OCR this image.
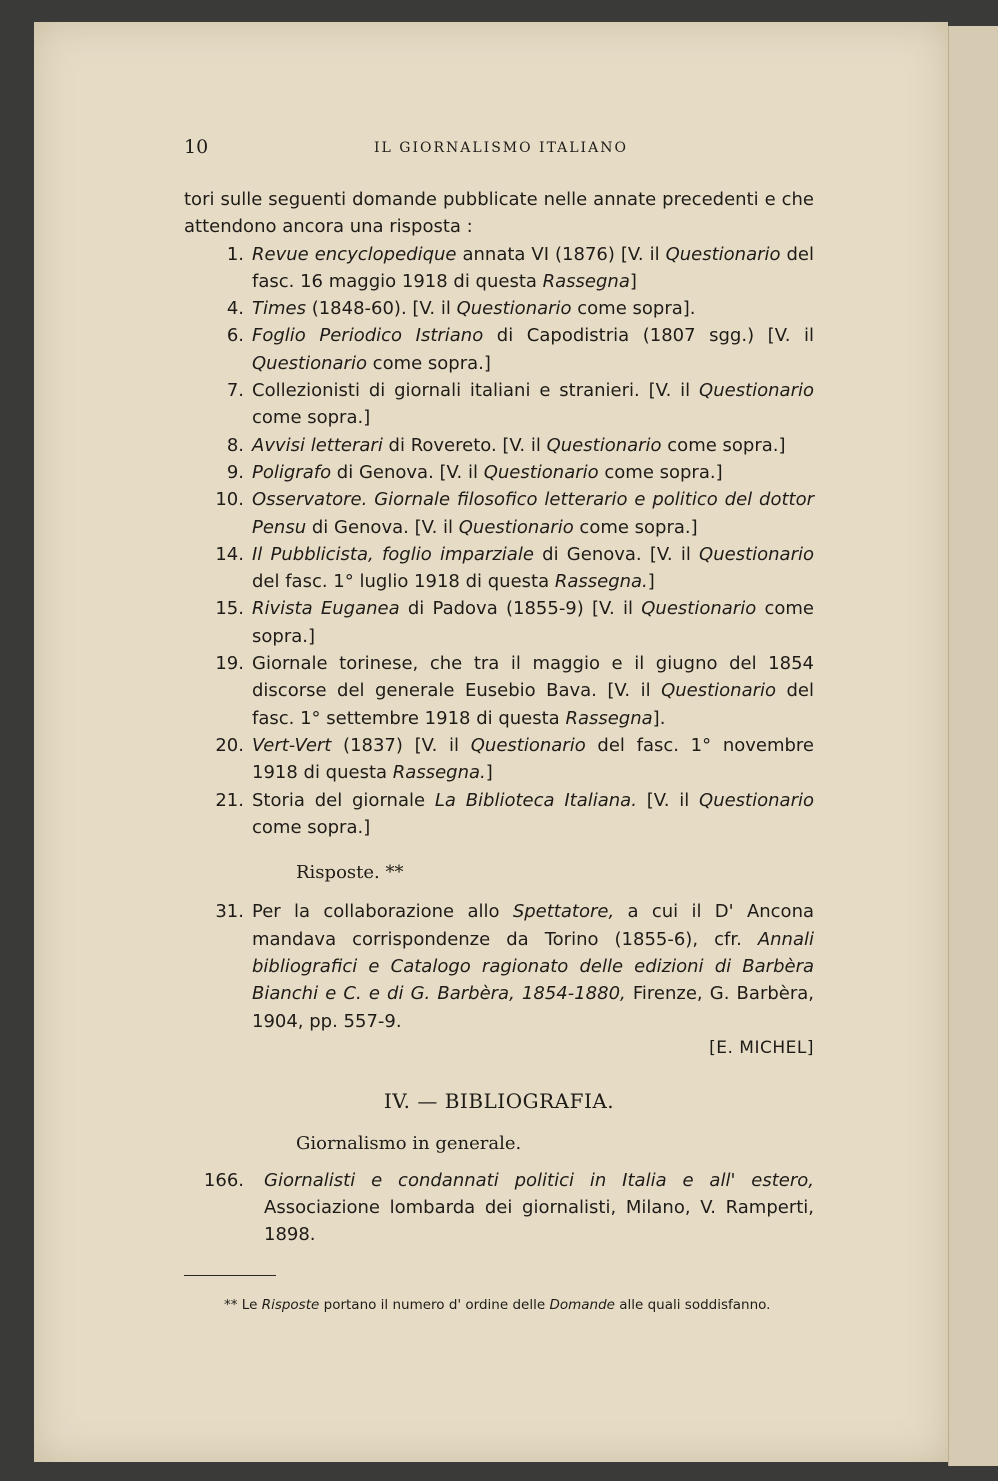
10	IL GIORNALISMO ITALIANO

tori sulle seguenti domande pubblicate nelle annate precedenti e che attendono ancora una risposta :

1. Revue encyclopedique annata VI (1876) [V. il Questionario del fasc. 16 maggio 1918 di questa Rassegna]

4. Times (1848-60). [V. il Questionario come sopra].

6. Foglio Periodico Istriano di Capodistria (1807 sgg.) [V. il Questionario come sopra.]

7. Collezionisti di giornali italiani e stranieri. [V. il Questionario come sopra.]

8. Avvisi letterari di Rovereto. [V. il Questionario come sopra.]

9. Poligrafo di Genova. [V. il Questionario come sopra.]

10. Osservatore. Giornale filosofico letterario e politico del dottor Pensu di Genova. [V. il Questionario come sopra.]

14. Il Pubblicista, foglio imparziale di Genova. [V. il Questionario del fasc. 1° luglio 1918 di questa Rassegna.]

15. Rivista Euganea di Padova (1855-9) [V. il Questionario come sopra.]

19. Giornale torinese, che tra il maggio e il giugno del 1854 discorse del generale Eusebio Bava. [V. il Questionario del fasc. 1° settembre 1918 di questa Rassegna].

20. Vert-Vert (1837) [V. il Questionario del fasc. 1° novembre 1918 di questa Rassegna.]

21. Storia del giornale La Biblioteca Italiana. [V. il Questionario come sopra.]

Risposte. **

31. Per la collaborazione allo Spettatore, a cui il D' Ancona mandava corrispondenze da Torino (1855-6), cfr. Annali bibliografici e Catalogo ragionato delle edizioni di Barbèra Bianchi e C. e di G. Barbèra, 1854-1880, Firenze, G. Barbèra, 1904, pp. 557-9.

[E. MICHEL]

IV. — BIBLIOGRAFIA.

Giornalismo in generale.

166. Giornalisti e condannati politici in Italia e all' estero, Associazione lombarda dei giornalisti, Milano, V. Ramperti, 1898.

** Le Risposte portano il numero d' ordine delle Domande alle quali soddisfanno.
